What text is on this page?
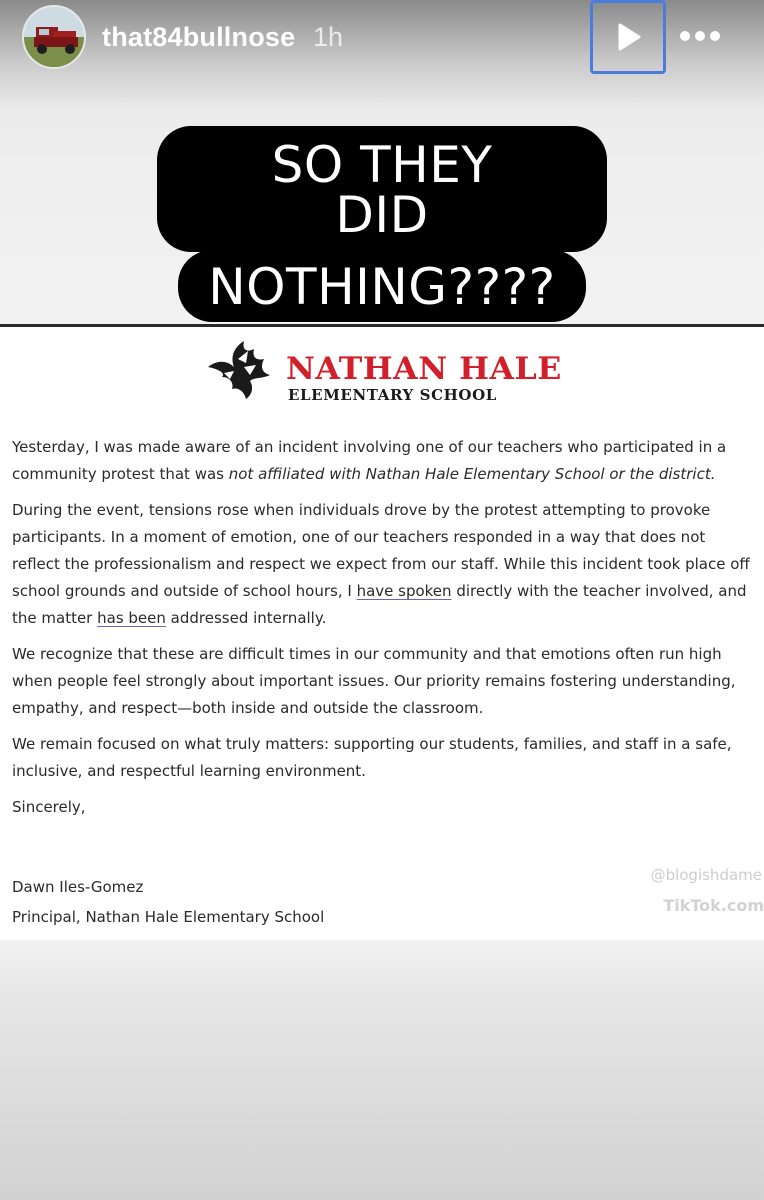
that84bullnose 1h
SO THEY DID
NOTHING????
NATHAN HALE
ELEMENTARY SCHOOL

Yesterday, I was made aware of an incident involving one of our teachers who participated in a community protest that was not affiliated with Nathan Hale Elementary School or the district.

During the event, tensions rose when individuals drove by the protest attempting to provoke participants. In a moment of emotion, one of our teachers responded in a way that does not reflect the professionalism and respect we expect from our staff. While this incident took place off school grounds and outside of school hours, I have spoken directly with the teacher involved, and the matter has been addressed internally.

We recognize that these are difficult times in our community and that emotions often run high when people feel strongly about important issues. Our priority remains fostering understanding, empathy, and respect—both inside and outside the classroom.

We remain focused on what truly matters: supporting our students, families, and staff in a safe, inclusive, and respectful learning environment.

Sincerely,

Dawn Iles-Gomez
Principal, Nathan Hale Elementary School
@blogishdame
TikTok.com
